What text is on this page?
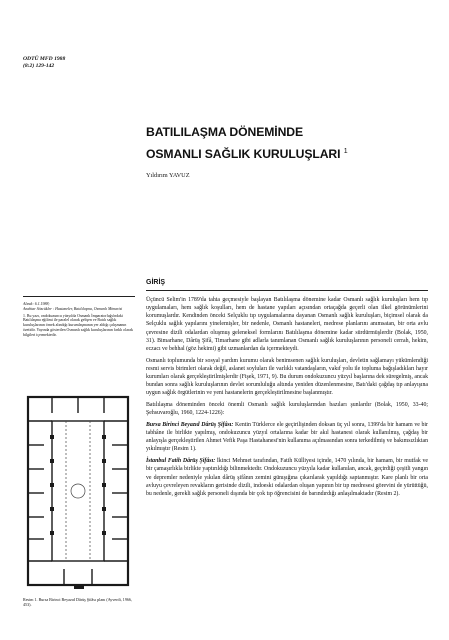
ODTÜ MFD 1988
(8:2) 129-142
BATILILAŞMA DÖNEMİNDE
OSMANLI SAĞLIK KURULUŞLARI $^1$
Yıldırım YAVUZ
GİRİŞ

Alındı: 6.1.1988;
Anahtar Sözcükler : Hastaneler, Batılılaşma, Osmanlı Mimarisi

1. Bu yazı, ondokuzuncu yüzyılda Osmanlı İmparatorluğu'ndaki Batılılaşma eğilimi ile paralel olarak gelişen ve Batılı sağlık kuruluşlarının örnek alındığı kurumlaşmanın yer aldığı çalışmanın özetidir. Yayında gösterilen Osmanlı sağlık kuruluşlarının farklı olarak bilgileri içermektedir.

Üçüncü Selim'in 1789'da tahta geçmesiyle başlayan Batılılaşma dönemine kadar Osmanlı sağlık kuruluşları hem tıp uygulamaları, hem sağlık koşulları, hem de hastane yapıları açısından ortaçağda geçerli olan ilkel görünümlerini korumuşlardır. Kendinden önceki Selçuklu tıp uygulamalarına dayanan Osmanlı sağlık kuruluşları, biçimsel olarak da Selçuklu sağlık yapılarını yinelemişler, bir nedenle, Osmanlı hastaneleri, medrese planlarını anımsatan, bir orta avlu çevresine dizili odalardan oluşmuş geleneksel formlarını Batılılaşma dönemine kadar sürdürmüşlerdir (Bolak, 1950, 31). Bimarhane, Dârüş Şifâ, Timarhane gibi adlarla tanımlanan Osmanlı sağlık kuruluşlarının personeli cerrah, hekim, eczacı ve behhal (göz hekimi) gibi uzmanlardan da içermekteydi.

Osmanlı toplumunda bir sosyal yardım kurumu olarak benimsenen sağlık kuruluşları, devletin sağlamayı yükümlendiği resmi servis birimleri olarak değil, aslanet soyluları ile varlıklı vatandaşların, vakıf yolu ile topluma bağışladıkları hayır kurumları olarak gerçekleştirilmişlerdir (Fişek, 1971, 9). Bu durum ondokuzuncu yüzyıl başlarına dek süregelmiş, ancak bundan sonra sağlık kuruluşlarının devlet sorumluluğu altında yeniden düzenlenmesine, Batı'daki çağdaş tıp anlayışına uygun sağlık örgütlerinin ve yeni hastanelerin gerçekleştirilmesine başlanmıştır.

Batılılaşma döneminden önceki önemli Osmanlı sağlık kuruluşlarından bazıları şunlardır (Bolak, 1950, 33-40; Şehsuvaroğlu, 1960, 1224-1226):

Bursa Birinci Beyazıd Dârüş Şifâsı: Kentin Türklerce ele geçirilişinden doksan üç yıl sonra, 1399'da bir hamam ve bir tabhâne ile birlikte yapılmış, ondokuzuncu yüzyıl ortalarına kadar bir akıl hastanesi olarak kullanılmış, çağdaş bir anlayışla gerçekleştirilen Ahmet Vefik Paşa Hastahanesi'nin kullanıma açılmasından sonra terkedilmiş ve bakımsızlıktan yıkılmıştır (Resim 1).

İstanbul Fatih Dârüş Şifâsı: İkinci Mehmet tarafından, Fatih Külliyesi içinde, 1470 yılında, bir hamam, bir mutfak ve bir çamaşırlıkla birlikte yaptırıldığı bilinmektedir. Ondokuzuncu yüzyıla kadar kullanılan, ancak, geçirdiği çeşitli yangın ve depremler nedeniyle yıkılan dârüş şifânın zemini günışığına çıkarılarak yapıldığı saptanmıştır. Kare planlı bir orta avluyu çevreleyen revakların gerisinde dizili, indoeski odalardan oluşan yapının bir tıp medresesi görevini de yürüttüğü, bu nedenle, gerekli sağlık personeli dışında bir çok tıp öğrencisini de barındırdığı anlaşılmaktadır (Resim 2).

Resim 1. Bursa Birinci Beyazıd Dârüş Şifâsı planı (Ayverdi, 1966, 453).
